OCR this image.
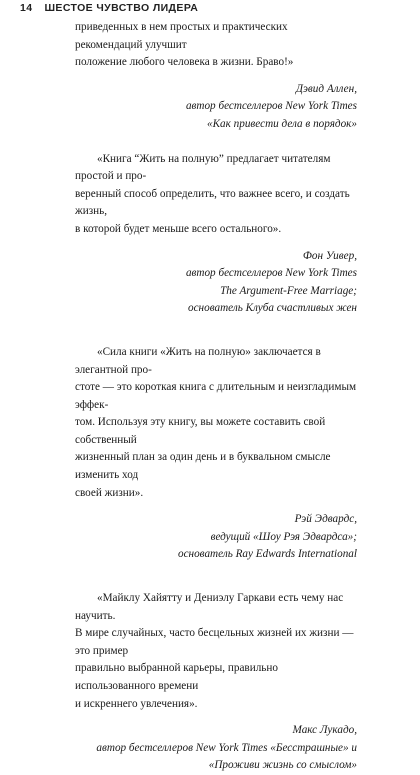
14 ШЕСТОЕ ЧУВСТВО ЛИДЕРА

приведенных в нем простых и практических рекомендаций улучшит
положение любого человека в жизни. Браво!»

Дэвид Аллен,
автор бестселлеров New York Times
«Как привести дела в порядок»

«Книга “Жить на полную” предлагает читателям простой и про-
веренный способ определить, что важнее всего, и создать жизнь,
в которой будет меньше всего остального».

Фон Уивер,
автор бестселлеров New York Times
The Argument-Free Marriage;
основатель Клуба счастливых жен

«Сила книги «Жить на полную» заключается в элегантной про-
стоте — это короткая книга с длительным и неизгладимым эффек-
том. Используя эту книгу, вы можете составить свой собственный
жизненный план за один день и в буквальном смысле изменить ход
своей жизни».

Рэй Эдвардс,
ведущий «Шоу Рэя Эдвардса»;
основатель Ray Edwards International

«Майклу Хайятту и Дениэлу Гаркави есть чему нас научить.
В мире случайных, часто бесцельных жизней их жизни — это пример
правильно выбранной карьеры, правильно использованного времени
и искреннего увлечения».

Макс Лукадо,
автор бестселлеров New York Times «Бесстрашные» и
«Проживи жизнь со смыслом»
